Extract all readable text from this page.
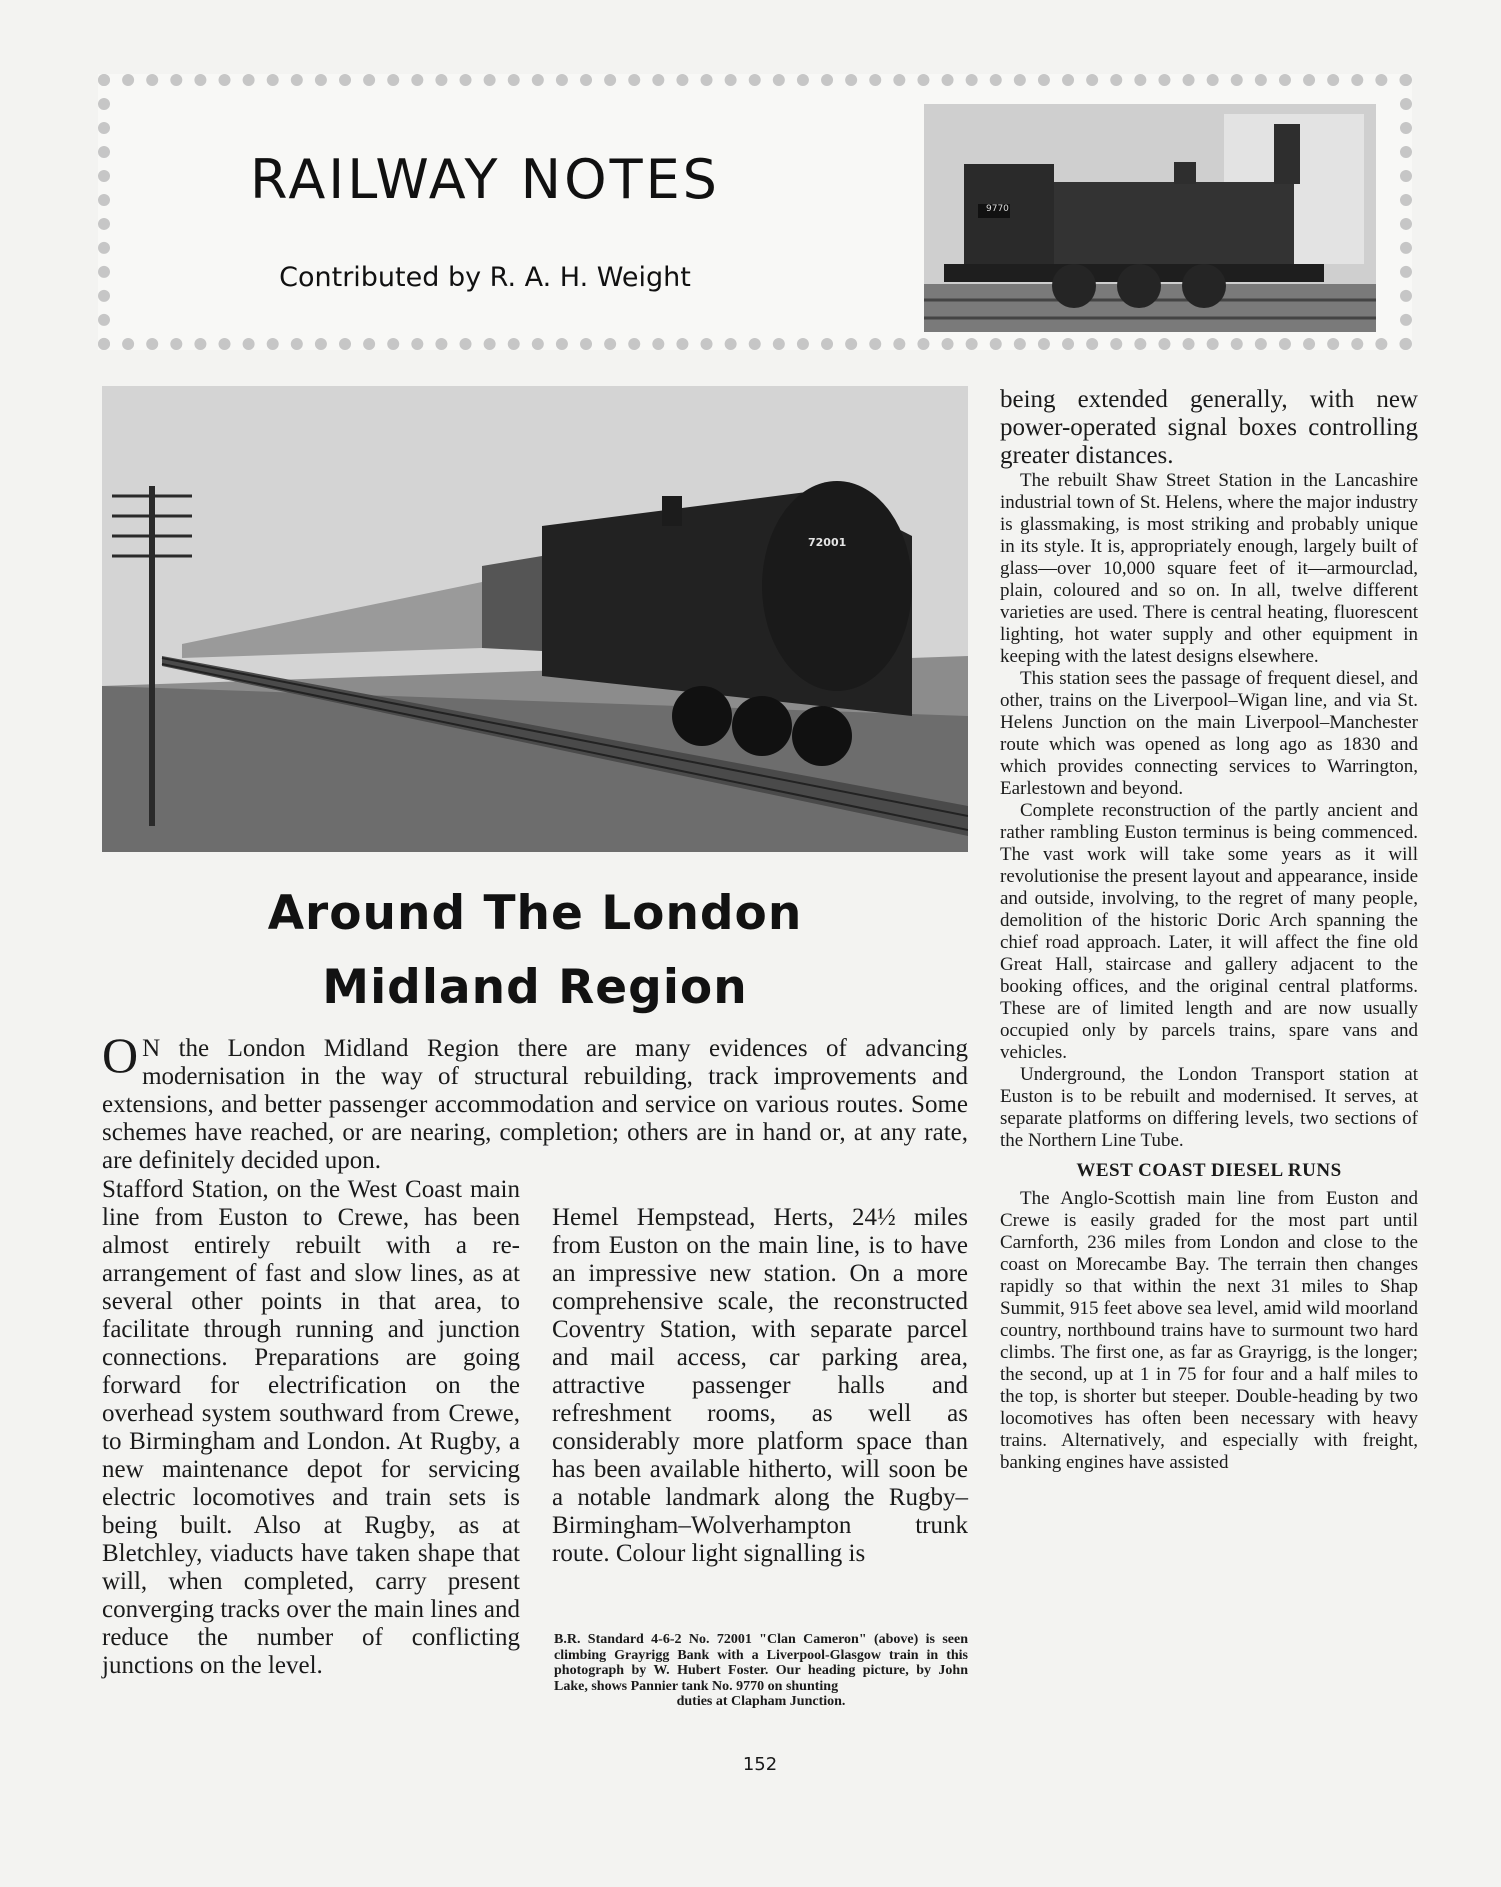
RAILWAY NOTES
Contributed by R. A. H. Weight
9770
72001
Around The London
Midland Region

ON the London Midland Region there are many evidences of advancing modernisation in the way of structural rebuilding, track improvements and extensions, and better passenger accommodation and service on various routes. Some schemes have reached, or are nearing, completion; others are in hand or, at any rate, are definitely decided upon.

Stafford Station, on the West Coast main line from Euston to Crewe, has been almost entirely rebuilt with a re-arrangement of fast and slow lines, as at several other points in that area, to facilitate through running and junction connections. Preparations are going forward for electrification on the overhead system southward from Crewe, to Birmingham and London. At Rugby, a new maintenance depot for servicing electric locomotives and train sets is being built. Also at Rugby, as at Bletchley, viaducts have taken shape that will, when completed, carry present converging tracks over the main lines and reduce the number of conflicting junctions on the level.

Hemel Hempstead, Herts, 24½ miles from Euston on the main line, is to have an impressive new station. On a more comprehensive scale, the reconstructed Coventry Station, with separate parcel and mail access, car parking area, attractive passenger halls and refreshment rooms, as well as considerably more platform space than has been available hitherto, will soon be a notable landmark along the Rugby–Birmingham–Wolverhampton trunk route. Colour light signalling is

B.R. Standard 4-6-2 No. 72001 "Clan Cameron" (above) is seen climbing Grayrigg Bank with a Liverpool-Glasgow train in this photograph by W. Hubert Foster. Our heading picture, by John Lake, shows Pannier tank No. 9770 on shunting
duties at Clapham Junction.

being extended generally, with new power-operated signal boxes controlling greater distances.

The rebuilt Shaw Street Station in the Lancashire industrial town of St. Helens, where the major industry is glassmaking, is most striking and probably unique in its style. It is, appropriately enough, largely built of glass—over 10,000 square feet of it—armourclad, plain, coloured and so on. In all, twelve different varieties are used. There is central heating, fluorescent lighting, hot water supply and other equipment in keeping with the latest designs elsewhere.

This station sees the passage of frequent diesel, and other, trains on the Liverpool–Wigan line, and via St. Helens Junction on the main Liverpool–Manchester route which was opened as long ago as 1830 and which provides connecting services to Warrington, Earlestown and beyond.

Complete reconstruction of the partly ancient and rather rambling Euston terminus is being commenced. The vast work will take some years as it will revolutionise the present layout and appearance, inside and outside, involving, to the regret of many people, demolition of the historic Doric Arch spanning the chief road approach. Later, it will affect the fine old Great Hall, staircase and gallery adjacent to the booking offices, and the original central platforms. These are of limited length and are now usually occupied only by parcels trains, spare vans and vehicles.

Underground, the London Transport station at Euston is to be rebuilt and modernised. It serves, at separate platforms on differing levels, two sections of the Northern Line Tube.

WEST COAST DIESEL RUNS

The Anglo-Scottish main line from Euston and Crewe is easily graded for the most part until Carnforth, 236 miles from London and close to the coast on Morecambe Bay. The terrain then changes rapidly so that within the next 31 miles to Shap Summit, 915 feet above sea level, amid wild moorland country, northbound trains have to surmount two hard climbs. The first one, as far as Grayrigg, is the longer; the second, up at 1 in 75 for four and a half miles to the top, is shorter but steeper. Double-heading by two locomotives has often been necessary with heavy trains. Alternatively, and especially with freight, banking engines have assisted

152
